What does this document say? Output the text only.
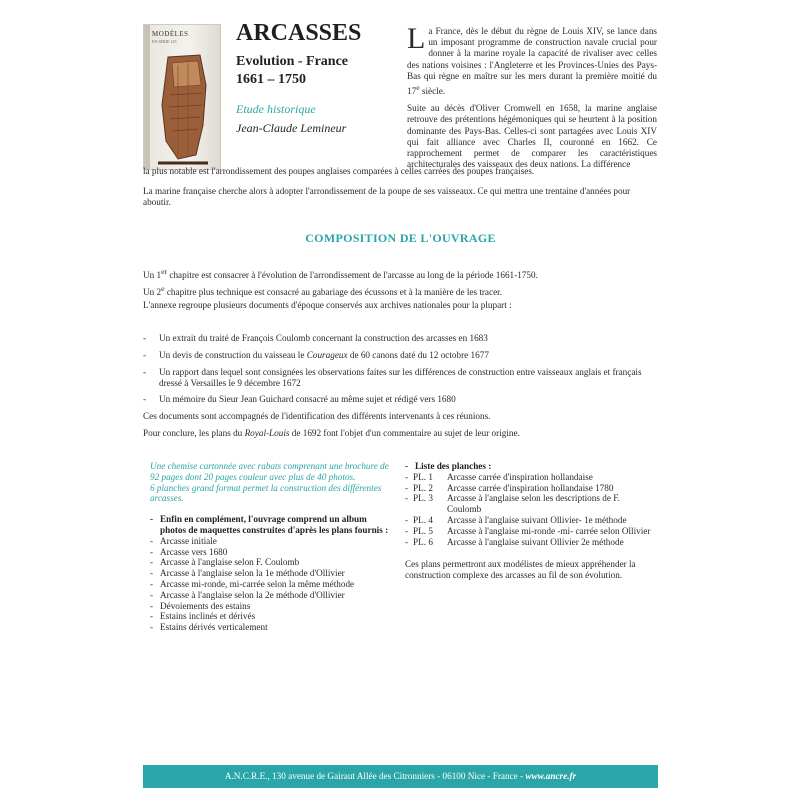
MODÈLES
EN SERIE 123 ARCASSES
Evolution - France
1661 – 1750
Etude historique
Jean-Claude Lemineur

La France, dès le début du règne de Louis XIV, se lance dans un imposant programme de construction navale crucial pour donner à la marine royale la capacité de rivaliser avec celles des nations voisines : l'Angleterre et les Provinces-Unies des Pays-Bas qui règne en maître sur les mers durant la première moitié du 17e siècle.

Suite au décès d'Oliver Cromwell en 1658, la marine anglaise retrouve des prétentions hégémoniques qui se heurtent à la position dominante des Pays-Bas. Celles-ci sont partagées avec Louis XIV qui fait alliance avec Charles II, couronné en 1662. Ce rapprochement permet de comparer les caractéristiques architecturales des vaisseaux des deux nations. La différence

la plus notable est l'arrondissement des poupes anglaises comparées à celles carrées des poupes françaises.
La marine française cherche alors à adopter l'arrondissement de la poupe de ses vaisseaux. Ce qui mettra une trentaine d'années pour aboutir.
COMPOSITION DE L'OUVRAGE
Un 1er chapitre est consacrer à l'évolution de l'arrondissement de l'arcasse au long de la période 1661-1750.
Un 2e chapitre plus technique est consacré au gabariage des écussons et à la manière de les tracer.
L'annexe regroupe plusieurs documents d'époque conservés aux archives nationales pour la plupart :
- Un extrait du traité de François Coulomb concernant la construction des arcasses en 1683
- Un devis de construction du vaisseau le Courageux de 60 canons daté du 12 octobre 1677
- Un rapport dans lequel sont consignées les observations faites sur les différences de construction entre vaisseaux anglais et français dressé à Versailles le 9 décembre 1672
- Un mémoire du Sieur Jean Guichard consacré au même sujet et rédigé vers 1680
Ces documents sont accompagnés de l'identification des différents intervenants à ces réunions.
Pour conclure, les plans du Royal-Louis de 1692 font l'objet d'un commentaire au sujet de leur origine.

Une chemise cartonnée avec rabats comprenant une brochure de 92 pages dont 20 pages couleur avec plus de 40 photos.
6 planches grand format permet la construction des différentes arcasses.

- Enfin en complément, l'ouvrage comprend un album photos de maquettes construites d'après les plans fournis :

- Arcasse initiale
- Arcasse vers 1680
- Arcasse à l'anglaise selon F. Coulomb
- Arcasse à l'anglaise selon la 1e méthode d'Ollivier
- Arcasse mi-ronde, mi-carrée selon la même méthode
- Arcasse à l'anglaise selon la 2e méthode d'Ollivier
- Dévoiements des estains
- Estains inclinés et dérivés
- Estains dérivés verticalement

- Liste des planches :

- PL. 1 Arcasse carrée d'inspiration hollandaise
- PL. 2 Arcasse carrée d'inspiration hollandaise 1780
- PL. 3 Arcasse à l'anglaise selon les descriptions de F. Coulomb
- PL. 4 Arcasse à l'anglaise suivant Ollivier- 1e méthode
- PL. 5 Arcasse à l'anglaise mi-ronde -mi- carrée selon Ollivier
- PL. 6 Arcasse à l'anglaise suivant Ollivier 2e méthode
Ces plans permettront aux modélistes de mieux appréhender la construction complexe des arcasses au fil de son évolution.
A.N.C.R.E., 130 avenue de Gairaut Allée des Citronniers - 06100 Nice - France - www.ancre.fr
